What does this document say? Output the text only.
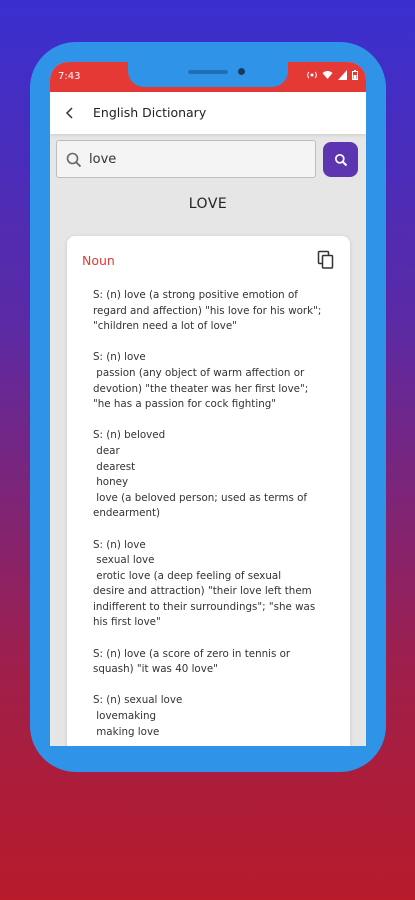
7:43
English Dictionary
love
LOVE
Noun
S: (n) love (a strong positive emotion of
regard and affection) "his love for his work";
"children need a lot of love"
S: (n) love
passion (any object of warm affection or
devotion) "the theater was her first love";
"he has a passion for cock fighting"
S: (n) beloved
dear
dearest
honey
love (a beloved person; used as terms of
endearment)
S: (n) love
sexual love
erotic love (a deep feeling of sexual
desire and attraction) "their love left them
indifferent to their surroundings"; "she was
his first love"
S: (n) love (a score of zero in tennis or
squash) "it was 40 love"
S: (n) sexual love
lovemaking
making love
